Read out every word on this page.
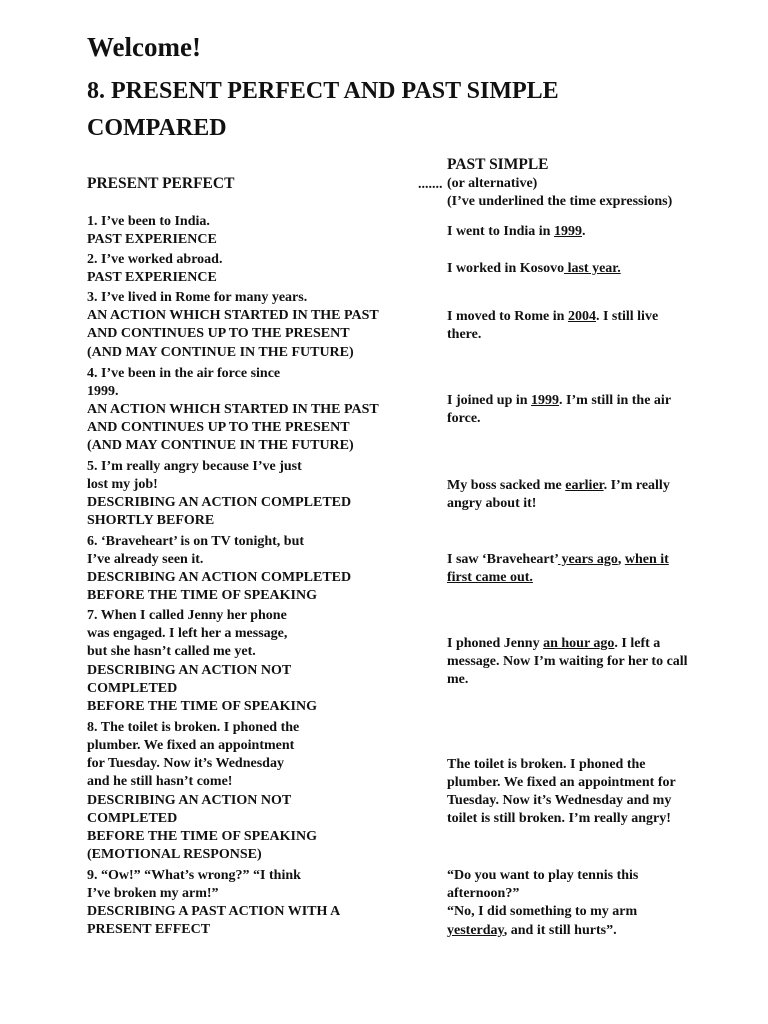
Welcome!
8. PRESENT PERFECT AND PAST SIMPLE
COMPARED
PRESENT PERFECT	.......
PAST SIMPLE
(or alternative)
(I’ve underlined the time expressions)
1. I’ve been to India.
PAST EXPERIENCE
2. I’ve worked abroad.
PAST EXPERIENCE
3. I’ve lived in Rome for many years.
AN ACTION WHICH STARTED IN THE PAST
AND CONTINUES UP TO THE PRESENT
(AND MAY CONTINUE IN THE FUTURE)
4. I’ve been in the air force since
1999.
AN ACTION WHICH STARTED IN THE PAST
AND CONTINUES UP TO THE PRESENT
(AND MAY CONTINUE IN THE FUTURE)
5. I’m really angry because I’ve just
lost my job!
DESCRIBING AN ACTION COMPLETED
SHORTLY BEFORE
6. ‘Braveheart’ is on TV tonight, but
I’ve already seen it.
DESCRIBING AN ACTION COMPLETED
BEFORE THE TIME OF SPEAKING
7. When I called Jenny her phone
was engaged. I left her a message,
but she hasn’t called me yet.
DESCRIBING AN ACTION NOT
COMPLETED
BEFORE THE TIME OF SPEAKING
8. The toilet is broken. I phoned the
plumber. We fixed an appointment
for Tuesday. Now it’s Wednesday
and he still hasn’t come!
DESCRIBING AN ACTION NOT
COMPLETED
BEFORE THE TIME OF SPEAKING
(EMOTIONAL RESPONSE)
9. “Ow!” “What’s wrong?” “I think
I’ve broken my arm!”
DESCRIBING A PAST ACTION WITH A
PRESENT EFFECT
I went to India in 1999.
I worked in Kosovo last year.
I moved to Rome in 2004. I still live
there.
I joined up in 1999. I’m still in the air
force.
My boss sacked me earlier. I’m really
angry about it!
I saw ‘Braveheart’ years ago, when it
first came out.
I phoned Jenny an hour ago. I left a
message. Now I’m waiting for her to call
me.
The toilet is broken. I phoned the
plumber. We fixed an appointment for
Tuesday. Now it’s Wednesday and my
toilet is still broken. I’m really angry!
“Do you want to play tennis this
afternoon?”
“No, I did something to my arm
yesterday, and it still hurts”.
